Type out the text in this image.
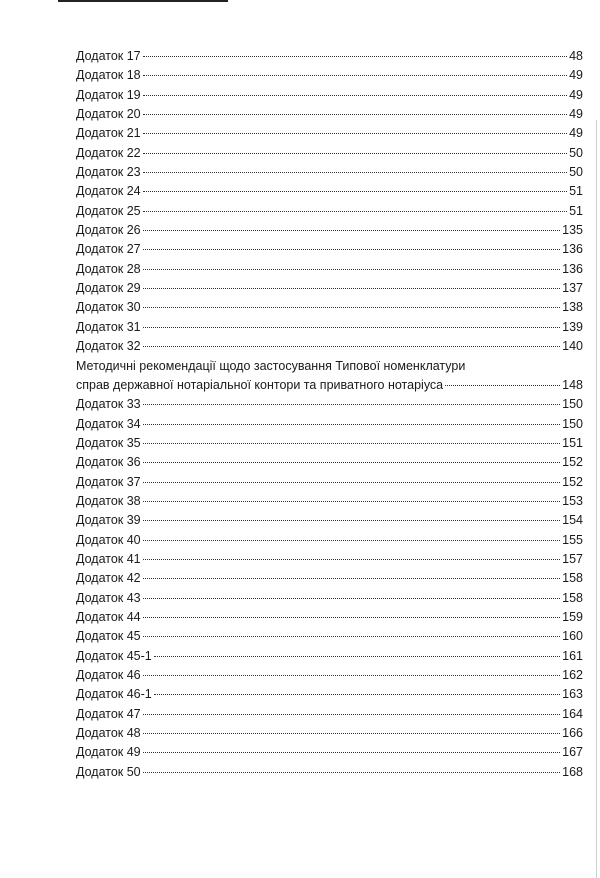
Додаток 17	48
Додаток 18	49
Додаток 19	49
Додаток 20	49
Додаток 21	49
Додаток 22	50
Додаток 23	50
Додаток 24	51
Додаток 25	51
Додаток 26	135
Додаток 27	136
Додаток 28	136
Додаток 29	137
Додаток 30	138
Додаток 31	139
Додаток 32	140
Методичні рекомендації щодо застосування Типової номенклатури
справ державної нотаріальної контори та приватного нотаріуса	148
Додаток 33	150
Додаток 34	150
Додаток 35	151
Додаток 36	152
Додаток 37	152
Додаток 38	153
Додаток 39	154
Додаток 40	155
Додаток 41	157
Додаток 42	158
Додаток 43	158
Додаток 44	159
Додаток 45	160
Додаток 45-1	161
Додаток 46	162
Додаток 46-1	163
Додаток 47	164
Додаток 48	166
Додаток 49	167
Додаток 50	168
